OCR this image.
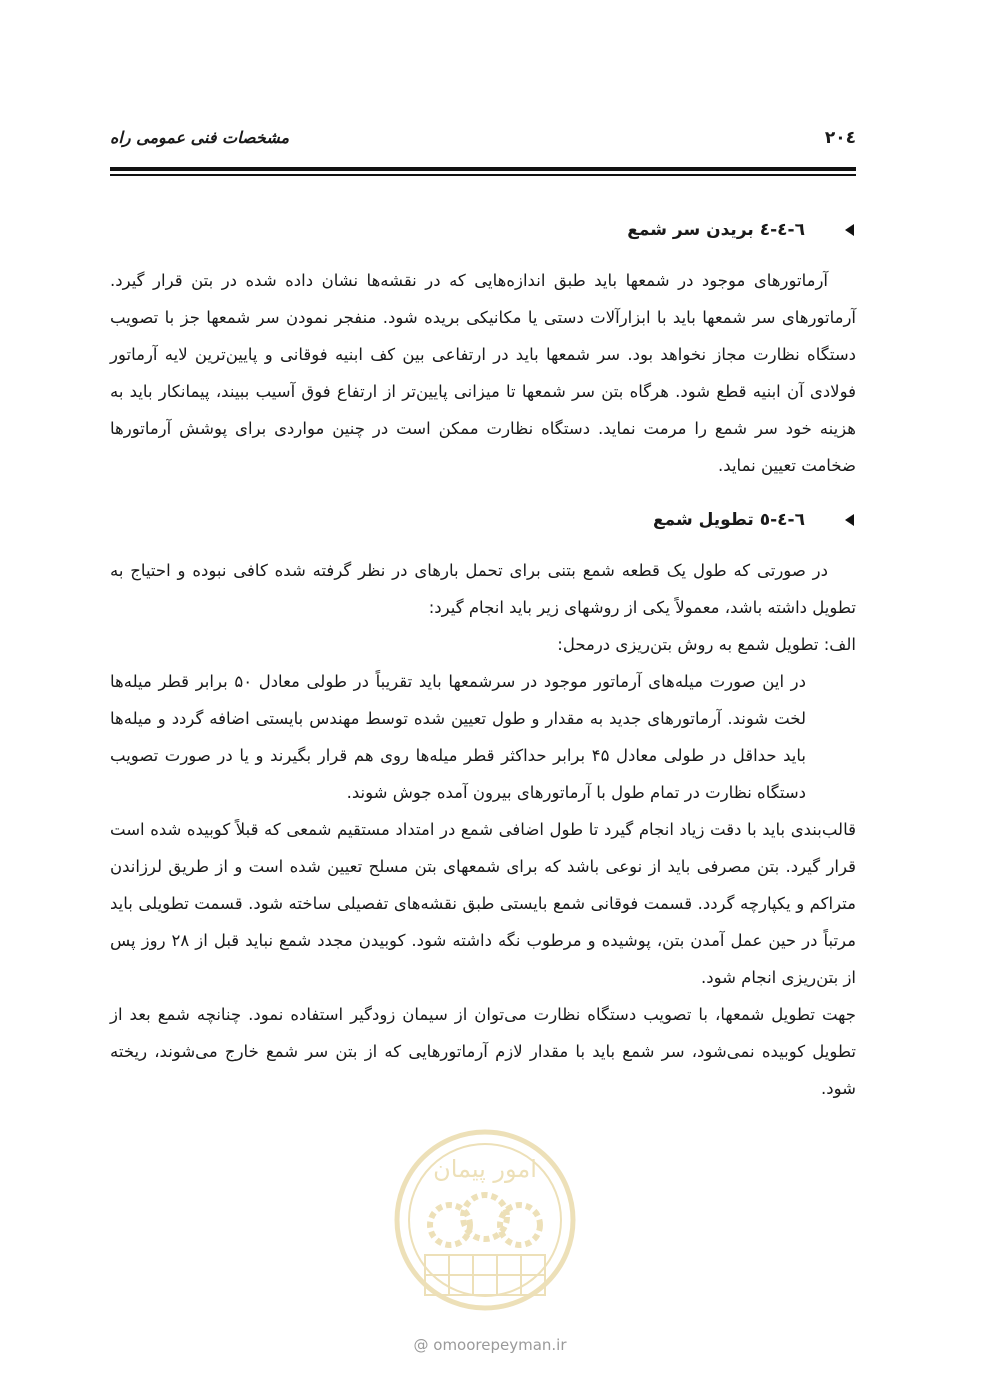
۲۰٤
مشخصات فنی عمومی راه
٦-٤-٤ بریدن سر شمع

آرماتورهای موجود در شمعها باید طبق اندازه‌هایی که در نقشه‌ها نشان داده شده در بتن قرار گیرد. آرماتورهای سر شمعها باید با ابزارآلات دستی یا مکانیکی بریده شود. منفجر نمودن سر شمعها جز با تصویب دستگاه نظارت مجاز نخواهد بود. سر شمعها باید در ارتفاعی بین کف ابنیه فوقانی و پایین‌ترین لایه آرماتور فولادی آن ابنیه قطع شود. هرگاه بتن سر شمعها تا میزانی پایین‌تر از ارتفاع فوق آسیب ببیند، پیمانکار باید به هزینه خود سر شمع را مرمت نماید. دستگاه نظارت ممکن است در چنین مواردی برای پوشش آرماتورها ضخامت تعیین نماید.

٦-٤-٥ تطویل شمع

در صورتی که طول یک قطعه شمع بتنی برای تحمل بارهای در نظر گرفته شده کافی نبوده و احتیاج به تطویل داشته باشد، معمولاً یکی از روشهای زیر باید انجام گیرد:

الف: تطویل شمع به روش بتن‌ریزی درمحل:

در این صورت میله‌های آرماتور موجود در سرشمعها باید تقریباً در طولی معادل ۵۰ برابر قطر میله‌ها لخت شوند. آرماتورهای جدید به مقدار و طول تعیین شده توسط مهندس بایستی اضافه گردد و میله‌ها باید حداقل در طولی معادل ۴۵ برابر حداکثر قطر میله‌ها روی هم قرار بگیرند و یا در صورت تصویب دستگاه نظارت در تمام طول با آرماتورهای بیرون آمده جوش شوند.

قالب‌بندی باید با دقت زیاد انجام گیرد تا طول اضافی شمع در امتداد مستقیم شمعی که قبلاً کوبیده شده است قرار گیرد. بتن مصرفی باید از نوعی باشد که برای شمعهای بتن مسلح تعیین شده است و از طریق لرزاندن متراکم و یکپارچه گردد. قسمت فوقانی شمع بایستی طبق نقشه‌های تفصیلی ساخته شود. قسمت تطویلی باید مرتباً در حین عمل آمدن بتن، پوشیده و مرطوب نگه داشته شود. کوبیدن مجدد شمع نباید قبل از ۲۸ روز پس از بتن‌ریزی انجام شود.

جهت تطویل شمعها، با تصویب دستگاه نظارت می‌توان از سیمان زودگیر استفاده نمود. چنانچه شمع بعد از تطویل کوبیده نمی‌شود، سر شمع باید با مقدار لازم آرماتورهایی که از بتن سر شمع خارج می‌شوند، ریخته شود.

امور پیمان
@ omoorepeyman.ir
